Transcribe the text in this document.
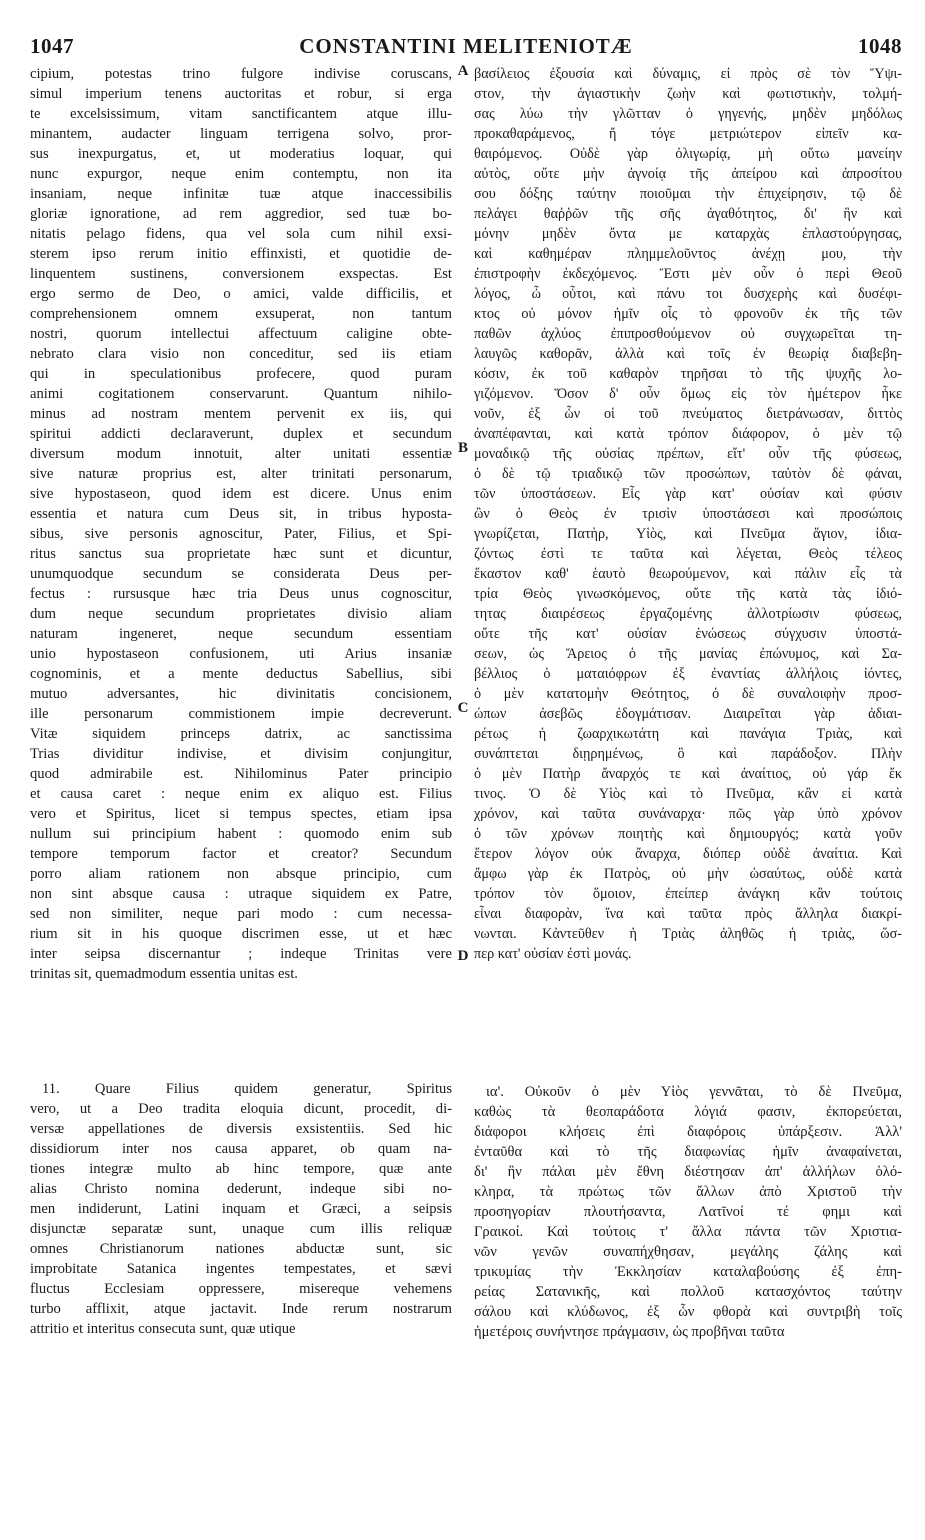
1047	CONSTANTINI MELITENIOTÆ	1048

cipium, potestas trino fulgore indivise coruscans,

simul imperium tenens auctoritas et robur, si erga

te excelsissimum, vitam sanctificantem atque illu-

minantem, audacter linguam terrigena solvo, pror-

sus inexpurgatus, et, ut moderatius loquar, qui

nunc expurgor, neque enim contemptu, non ita

insaniam, neque infinitæ tuæ atque inaccessibilis

gloriæ ignoratione, ad rem aggredior, sed tuæ bo-

nitatis pelago fidens, qua vel sola cum nihil exsi-

sterem ipso rerum initio effinxisti, et quotidie de-

linquentem sustinens, conversionem exspectas. Est

ergo sermo de Deo, o amici, valde difficilis, et

comprehensionem omnem exsuperat, non tantum

nostri, quorum intellectui affectuum caligine obte-

nebrato clara visio non conceditur, sed iis etiam

qui in speculationibus profecere, quod puram

animi cogitationem conservarunt. Quantum nihilo-

minus ad nostram mentem pervenit ex iis, qui

spiritui addicti declaraverunt, duplex et secundum

diversum modum innotuit, alter unitati essentiæ

sive naturæ proprius est, alter trinitati personarum,

sive hypostaseon, quod idem est dicere. Unus enim

essentia et natura cum Deus sit, in tribus hyposta-

sibus, sive personis agnoscitur, Pater, Filius, et Spi-

ritus sanctus sua proprietate hæc sunt et dicuntur,

unumquodque secundum se considerata Deus per-

fectus : rursusque hæc tria Deus unus cognoscitur,

dum neque secundum proprietates divisio aliam

naturam ingeneret, neque secundum essentiam

unio hypostaseon confusionem, uti Arius insaniæ

cognominis, et a mente deductus Sabellius, sibi

mutuo adversantes, hic divinitatis concisionem,

ille personarum commistionem impie decreverunt.

Vitæ siquidem princeps datrix, ac sanctissima

Trias dividitur indivise, et divisim conjungitur,

quod admirabile est. Nihilominus Pater principio

et causa caret : neque enim ex aliquo est. Filius

vero et Spiritus, licet si tempus spectes, etiam ipsa

nullum sui principium habent : quomodo enim sub

tempore temporum factor et creator? Secundum

porro aliam rationem non absque principio, cum

non sint absque causa : utraque siquidem ex Patre,

sed non similiter, neque pari modo : cum necessa-

rium sit in his quoque discrimen esse, ut et hæc

inter seipsa discernantur ; indeque Trinitas vere

trinitas sit, quemadmodum essentia unitas est.

βασίλειος ἐξουσία καὶ δύναμις, εἰ πρὸς σὲ τὸν Ὕψι-

στον, τὴν ἁγιαστικὴν ζωὴν καὶ φωτιστικὴν, τολμή-

σας λύω τὴν γλῶτταν ὁ γηγενής, μηδὲν μηδόλως

προκαθαράμενος, ἤ τόγε μετριώτερον εἰπεῖν κα-

θαιρόμενος. Οὐδὲ γὰρ ὀλιγωρίᾳ, μὴ οὕτω μανείην

αὐτὸς, οὔτε μὴν ἀγνοίᾳ τῆς ἀπείρου καὶ ἀπροσίτου

σου δόξης ταύτην ποιοῦμαι τὴν ἐπιχείρησιν, τῷ δὲ

πελάγει θαῤῥῶν τῆς σῆς ἀγαθότητος, δι' ἣν καὶ

μόνην μηδὲν ὄντα με καταρχὰς ἐπλαστούργησας,

καὶ καθημέραν πλημμελοῦντος ἀνέχῃ μου, τὴν

ἐπιστροφὴν ἐκδεχόμενος. Ἔστι μὲν οὖν ὁ περὶ Θεοῦ

λόγος, ὦ οὗτοι, καὶ πάνυ τοι δυσχερὴς καὶ δυσέφι-

κτος οὐ μόνον ἡμῖν οἷς τὸ φρονοῦν ἐκ τῆς τῶν

παθῶν ἀχλύος ἐπιπροσθούμενον οὐ συγχωρεῖται τη-

λαυγῶς καθορᾶν, ἀλλὰ καὶ τοῖς ἐν θεωρίᾳ διαβεβη-

κόσιν, ἐκ τοῦ καθαρὸν τηρῆσαι τὸ τῆς ψυχῆς λο-

γιζόμενον. Ὅσον δ' οὖν ὅμως εἰς τὸν ἡμέτερον ἧκε

νοῦν, ἐξ ὧν οἱ τοῦ πνεύματος διετράνωσαν, διττὸς

ἀναπέφανται, καὶ κατὰ τρόπον διάφορον, ὁ μὲν τῷ

μοναδικῷ τῆς οὐσίας πρέπων, εἴτ' οὖν τῆς φύσεως,

ὁ δὲ τῷ τριαδικῷ τῶν προσώπων, ταὐτὸν δὲ φάναι,

τῶν ὑποστάσεων. Εἷς γὰρ κατ' οὐσίαν καὶ φύσιν

ὢν ὁ Θεὸς ἐν τρισὶν ὑποστάσεσι καὶ προσώποις

γνωρίζεται, Πατὴρ, Υἱὸς, καὶ Πνεῦμα ἅγιον, ἰδια-

ζόντως ἐστὶ τε ταῦτα καὶ λέγεται, Θεὸς τέλεος

ἕκαστον καθ' ἑαυτὸ θεωρούμενον, καὶ πάλιν εἷς τὰ

τρία Θεὸς γινωσκόμενος, οὔτε τῆς κατὰ τὰς ἰδιό-

τητας διαιρέσεως ἐργαζομένης ἀλλοτρίωσιν φύσεως,

οὔτε τῆς κατ' οὐσίαν ἑνώσεως σύγχυσιν ὑποστά-

σεων, ὡς Ἄρειος ὁ τῆς μανίας ἐπώνυμος, καὶ Σα-

βέλλιος ὁ ματαιόφρων ἐξ ἐναντίας ἀλλήλοις ἰόντες,

ὁ μὲν κατατομὴν Θεότητος, ὁ δὲ συναλοιφὴν προσ-

ώπων ἀσεβῶς ἐδογμάτισαν. Διαιρεῖται γὰρ ἀδιαι-

ρέτως ἡ ζωαρχικωτάτη καὶ πανάγια Τριὰς, καὶ

συνάπτεται διῃρημένως, ὃ καὶ παράδοξον. Πλὴν

ὁ μὲν Πατὴρ ἄναρχός τε καὶ ἀναίτιος, οὐ γάρ ἔκ

τινος. Ὁ δὲ Υἱὸς καὶ τὸ Πνεῦμα, κἂν εἰ κατὰ

χρόνον, καὶ ταῦτα συνάναρχα· πῶς γὰρ ὑπὸ χρόνον

ὁ τῶν χρόνων ποιητὴς καὶ δημιουργός; κατὰ γοῦν

ἕτερον λόγον οὐκ ἄναρχα, διόπερ οὐδὲ ἀναίτια. Καὶ

ἄμφω γὰρ ἐκ Πατρὸς, οὐ μὴν ὡσαύτως, οὐδὲ κατὰ

τρόπον τὸν ὅμοιον, ἐπείπερ ἀνάγκη κἂν τούτοις

εἶναι διαφορὰν, ἵνα καὶ ταῦτα πρὸς ἄλληλα διακρί-

νωνται. Κἀντεῦθεν ἡ Τριὰς ἀληθῶς ἡ τριὰς, ὥσ-

περ κατ' οὐσίαν ἐστὶ μονάς.

11. Quare Filius quidem generatur, Spiritus

vero, ut a Deo tradita eloquia dicunt, procedit, di-

versæ appellationes de diversis exsistentiis. Sed hic

dissidiorum inter nos causa apparet, ob quam na-

tiones integræ multo ab hinc tempore, quæ ante

alias Christo nomina dederunt, indeque sibi no-

men indiderunt, Latini inquam et Græci, a seipsis

disjunctæ separatæ sunt, unaque cum illis reliquæ

omnes Christianorum nationes abductæ sunt, sic

improbitate Satanica ingentes tempestates, et sævi

fluctus Ecclesiam oppressere, misereque vehemens

turbo afflixit, atque jactavit. Inde rerum nostrarum

attritio et interitus consecuta sunt, quæ utique

ια'. Οὐκοῦν ὁ μὲν Υἱὸς γεννᾶται, τὸ δὲ Πνεῦμα,

καθὼς τὰ θεοπαράδοτα λόγιά φασιν, ἐκπορεύεται,

διάφοροι κλήσεις ἐπὶ διαφόροις ὑπάρξεσιν. Ἀλλ'

ἐνταῦθα καὶ τὸ τῆς διαφωνίας ἡμῖν ἀναφαίνεται,

δι' ἣν πάλαι μὲν ἔθνη διέστησαν ἀπ' ἀλλήλων ὁλό-

κληρα, τὰ πρώτως τῶν ἄλλων ἀπὸ Χριστοῦ τὴν

προσηγορίαν πλουτήσαντα, Λατῖνοί τέ φημι καὶ

Γραικοί. Καὶ τούτοις τ' ἄλλα πάντα τῶν Χριστια-

νῶν γενῶν συναπήχθησαν, μεγάλης ζάλης καὶ

τρικυμίας τὴν Ἐκκλησίαν καταλαβούσης ἐξ ἐπη-

ρείας Σατανικῆς, καὶ πολλοῦ κατασχόντος ταύτην

σάλου καὶ κλύδωνος, ἐξ ὧν φθορὰ καὶ συντριβὴ τοῖς

ἡμετέροις συνήντησε πράγμασιν, ὡς προβῆναι ταῦτα

A
B
C
D
